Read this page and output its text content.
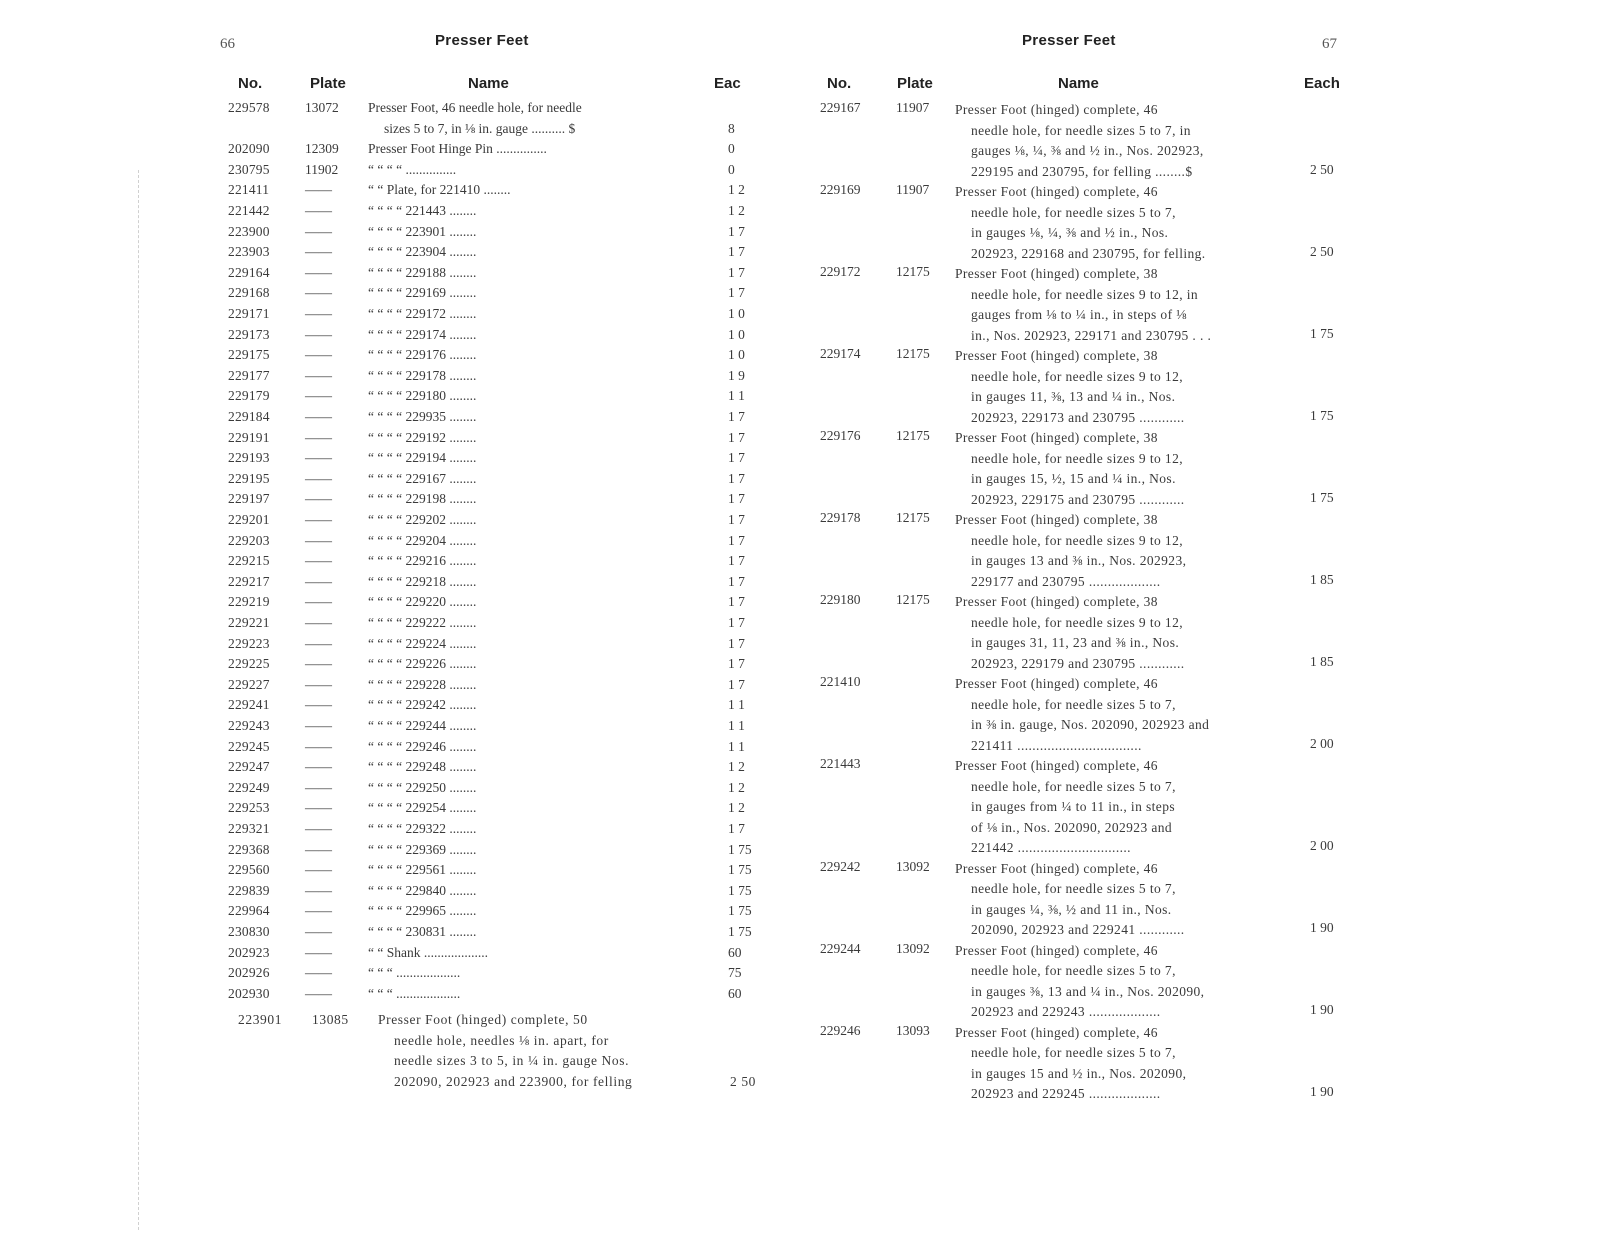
66	Presser Feet
No.	Plate	Name	Eac
229578	13072 Presser Foot, 46 needle hole, for needle
sizes 5 to 7, in ⅛ in. gauge .......... $	8
202090	12309 Presser Foot Hinge Pin ...............	0
230795	11902 “ “ “ “ ...............	0
221411	——	“ “ Plate, for 221410 ........	1 2
221442	——	“ “ “ “ 221443 ........	1 2
223900	——	“ “ “ “ 223901 ........	1 7
223903	——	“ “ “ “ 223904 ........	1 7
229164	——	“ “ “ “ 229188 ........	1 7
229168	——	“ “ “ “ 229169 ........	1 7
229171	——	“ “ “ “ 229172 ........	1 0
229173	——	“ “ “ “ 229174 ........	1 0
229175	——	“ “ “ “ 229176 ........	1 0
229177	——	“ “ “ “ 229178 ........	1 9
229179	——	“ “ “ “ 229180 ........	1 1
229184	——	“ “ “ “ 229935 ........	1 7
229191	——	“ “ “ “ 229192 ........	1 7
229193	——	“ “ “ “ 229194 ........	1 7
229195	——	“ “ “ “ 229167 ........	1 7
229197	——	“ “ “ “ 229198 ........	1 7
229201	——	“ “ “ “ 229202 ........	1 7
229203	——	“ “ “ “ 229204 ........	1 7
229215	——	“ “ “ “ 229216 ........	1 7
229217	——	“ “ “ “ 229218 ........	1 7
229219	——	“ “ “ “ 229220 ........	1 7
229221	——	“ “ “ “ 229222 ........	1 7
229223	——	“ “ “ “ 229224 ........	1 7
229225	——	“ “ “ “ 229226 ........	1 7
229227	——	“ “ “ “ 229228 ........	1 7
229241	——	“ “ “ “ 229242 ........	1 1
229243	——	“ “ “ “ 229244 ........	1 1
229245	——	“ “ “ “ 229246 ........	1 1
229247	——	“ “ “ “ 229248 ........	1 2
229249	——	“ “ “ “ 229250 ........	1 2
229253	——	“ “ “ “ 229254 ........	1 2
229321	——	“ “ “ “ 229322 ........	1 7
229368	——	“ “ “ “ 229369 ........	1 75
229560	——	“ “ “ “ 229561 ........	1 75
229839	——	“ “ “ “ 229840 ........	1 75
229964	——	“ “ “ “ 229965 ........	1 75
230830	——	“ “ “ “ 230831 ........	1 75
202923	——	“ “ Shank ...................	60
202926	——	“ “ “ ...................	75
202930	——	“ “ “ ...................	60
223901 13085 Presser Foot (hinged) complete, 50
needle hole, needles ⅛ in. apart, for
needle sizes 3 to 5, in ¼ in. gauge Nos.
202090, 202923 and 223900, for felling	2 50
Presser Feet	67
No.	Plate	Name	Each
229167	11907 Presser Foot (hinged) complete, 46
needle hole, for needle sizes 5 to 7, in
gauges ⅛, ¼, ⅜ and ½ in., Nos. 202923,
229195 and 230795, for felling ........$	2 50
229169	11907 Presser Foot (hinged) complete, 46
needle hole, for needle sizes 5 to 7,
in gauges ⅛, ¼, ⅜ and ½ in., Nos.
202923, 229168 and 230795, for felling.	2 50
229172	12175 Presser Foot (hinged) complete, 38
needle hole, for needle sizes 9 to 12, in
gauges from ⅛ to ¼ in., in steps of ⅛
in., Nos. 202923, 229171 and 230795 . . .	1 75
229174	12175 Presser Foot (hinged) complete, 38
needle hole, for needle sizes 9 to 12,
in gauges 11, ⅜, 13 and ¼ in., Nos.
202923, 229173 and 230795 ............	1 75
229176	12175 Presser Foot (hinged) complete, 38
needle hole, for needle sizes 9 to 12,
in gauges 15, ½, 15 and ¼ in., Nos.
202923, 229175 and 230795 ............	1 75
229178	12175 Presser Foot (hinged) complete, 38
needle hole, for needle sizes 9 to 12,
in gauges 13 and ⅜ in., Nos. 202923,
229177 and 230795 ...................	1 85
229180	12175 Presser Foot (hinged) complete, 38
needle hole, for needle sizes 9 to 12,
in gauges 31, 11, 23 and ⅜ in., Nos.
202923, 229179 and 230795 ............	1 85
221410	Presser Foot (hinged) complete, 46
needle hole, for needle sizes 5 to 7,
in ⅜ in. gauge, Nos. 202090, 202923 and
221411 .................................	2 00
221443	Presser Foot (hinged) complete, 46
needle hole, for needle sizes 5 to 7,
in gauges from ¼ to 11 in., in steps
of ⅛ in., Nos. 202090, 202923 and
221442 ..............................	2 00
229242	13092 Presser Foot (hinged) complete, 46
needle hole, for needle sizes 5 to 7,
in gauges ¼, ⅜, ½ and 11 in., Nos.
202090, 202923 and 229241 ............	1 90
229244	13092 Presser Foot (hinged) complete, 46
needle hole, for needle sizes 5 to 7,
in gauges ⅜, 13 and ¼ in., Nos. 202090,
202923 and 229243 ...................	1 90
229246	13093 Presser Foot (hinged) complete, 46
needle hole, for needle sizes 5 to 7,
in gauges 15 and ½ in., Nos. 202090,
202923 and 229245 ...................	1 90
